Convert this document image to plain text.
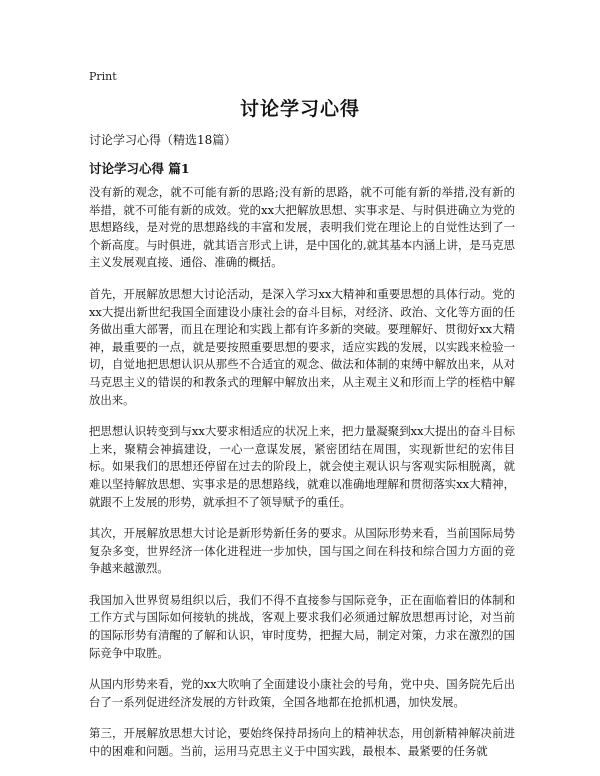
Print
讨论学习心得

讨论学习心得（精选18篇）

讨论学习心得 篇1

没有新的观念，就不可能有新的思路;没有新的思路，就不可能有新的举措,没有新的举措，就不可能有新的成效。党的xx大把解放思想、实事求是、与时俱进确立为党的思想路线，是对党的思想路线的丰富和发展，表明我们党在理论上的自觉性达到了一个新高度。与时俱进，就其语言形式上讲，是中国化的,就其基本内涵上讲，是马克思主义发展观直接、通俗、准确的概括。

首先，开展解放思想大讨论活动，是深入学习xx大精神和重要思想的具体行动。党的xx大提出新世纪我国全面建设小康社会的奋斗目标，对经济、政治、文化等方面的任务做出重大部署，而且在理论和实践上都有许多新的突破。要理解好、贯彻好xx大精神，最重要的一点，就是要按照重要思想的要求，适应实践的发展，以实践来检验一切，自觉地把思想认识从那些不合适宜的观念、做法和体制的束缚中解放出来，从对马克思主义的错误的和教条式的理解中解放出来，从主观主义和形而上学的桎梏中解放出来。

把思想认识转变到与xx大要求相适应的状况上来，把力量凝聚到xx大提出的奋斗目标上来，聚精会神搞建设，一心一意谋发展，紧密团结在周围，实现新世纪的宏伟目标。如果我们的思想还停留在过去的阶段上，就会使主观认识与客观实际相脱离，就难以坚持解放思想、实事求是的思想路线，就难以准确地理解和贯彻落实xx大精神，就跟不上发展的形势，就承担不了领导赋予的重任。

其次，开展解放思想大讨论是新形势新任务的要求。从国际形势来看，当前国际局势复杂多变，世界经济一体化进程进一步加快，国与国之间在科技和综合国力方面的竞争越来越激烈。

我国加入世界贸易组织以后，我们不得不直接参与国际竞争，正在面临着旧的体制和工作方式与国际如何接轨的挑战，客观上要求我们必须通过解放思想再讨论，对当前的国际形势有清醒的了解和认识，审时度势，把握大局，制定对策，力求在激烈的国际竞争中取胜。

从国内形势来看，党的xx大吹响了全面建设小康社会的号角，党中央、国务院先后出台了一系列促进经济发展的方针政策，全国各地都在抢抓机遇，加快发展。

第三，开展解放思想大讨论，要始终保持昂扬向上的精神状态，用创新精神解决前进中的困难和问题。当前，运用马克思主义于中国实践，最根本、最紧要的任务就
